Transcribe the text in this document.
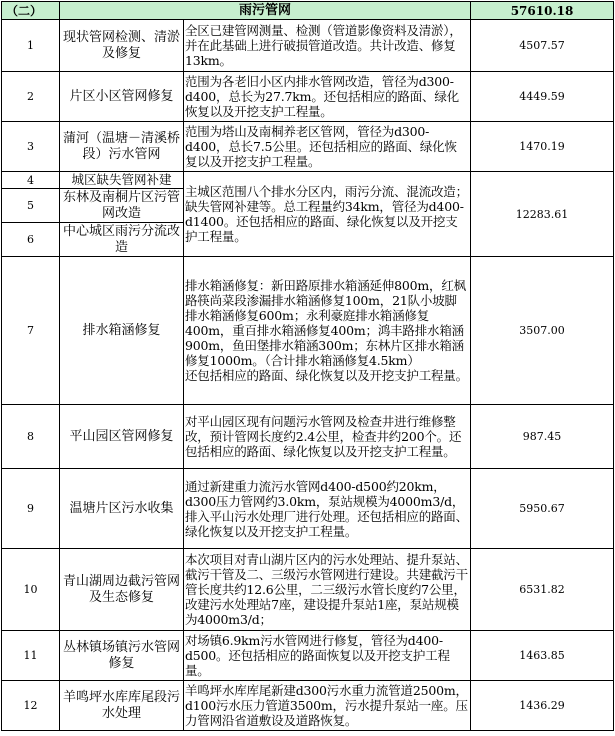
（二）	雨污管网		57610.18
1	现状管网检测、清淤及修复	全区已建管网测量、检测（管道影像资料及清淤），并在此基础上进行破损管道改造。共计改造、修复13km。	4507.57
2	片区小区管网修复	范围为各老旧小区内排水管网改造，管径为d300-d400，总长为27.7km。还包括相应的路面、绿化恢复以及开挖支护工程量。	4449.59
3	蒲河（温塘－清溪桥段）污水管网	范围为塔山及南桐养老区管网，管径为d300-d400，总长7.5公里。还包括相应的路面、绿化恢复以及开挖支护工程量。	1470.19
4	城区缺失管网补建	主城区范围八个排水分区内，雨污分流、混流改造；缺失管网补建等。总工程量约34km，管径为d400-d1400。还包括相应的路面、绿化恢复以及开挖支护工程量。	12283.61
5	东林及南桐片区污管网改造		
6	中心城区雨污分流改造		
7	排水箱涵修复	排水箱涵修复：新田路原排水箱涵延伸800m，红枫路筷尚菜段渗漏排水箱涵修复100m，21队小坡脚排水箱涵修复600m；永利豪庭排水箱涵修复400m，重百排水箱涵修复400m；鸿丰路排水箱涵900m，鱼田堡排水箱涵300m；东林片区排水箱涵修复1000m。（合计排水箱涵修复4.5km）
还包括相应的路面、绿化恢复以及开挖支护工程量。	3507.00
8	平山园区管网修复	对平山园区现有问题污水管网及检查井进行维修整改，预计管网长度约2.4公里，检查井约200个。还包括相应的路面、绿化恢复以及开挖支护工程量。	987.45
9	温塘片区污水收集	通过新建重力流污水管网d400-d500约20km，d300压力管网约3.0km，泵站规模为4000m3/d，排入平山污水处理厂进行处理。还包括相应的路面、绿化恢复以及开挖支护工程量。	5950.67
10	青山湖周边截污管网及生态修复	本次项目对青山湖片区内的污水处理站、提升泵站、截污干管及二、三级污水管网进行建设。共建截污干管长度共约12.6公里，二三级污水管长度约7公里，改建污水处理站7座，建设提升泵站1座，泵站规模为4000m3/d；	6531.82
11	丛林镇场镇污水管网修复	对场镇6.9km污水管网进行修复，管径为d400-d500。还包括相应的路面恢复以及开挖支护工程量。	1463.85
12	羊鸣坪水库库尾段污水处理	羊鸣坪水库库尾新建d300污水重力流管道2500m，d100污水压力管道3500m，污水提升泵站一座。压力管网沿省道敷设及道路恢复。	1436.29
